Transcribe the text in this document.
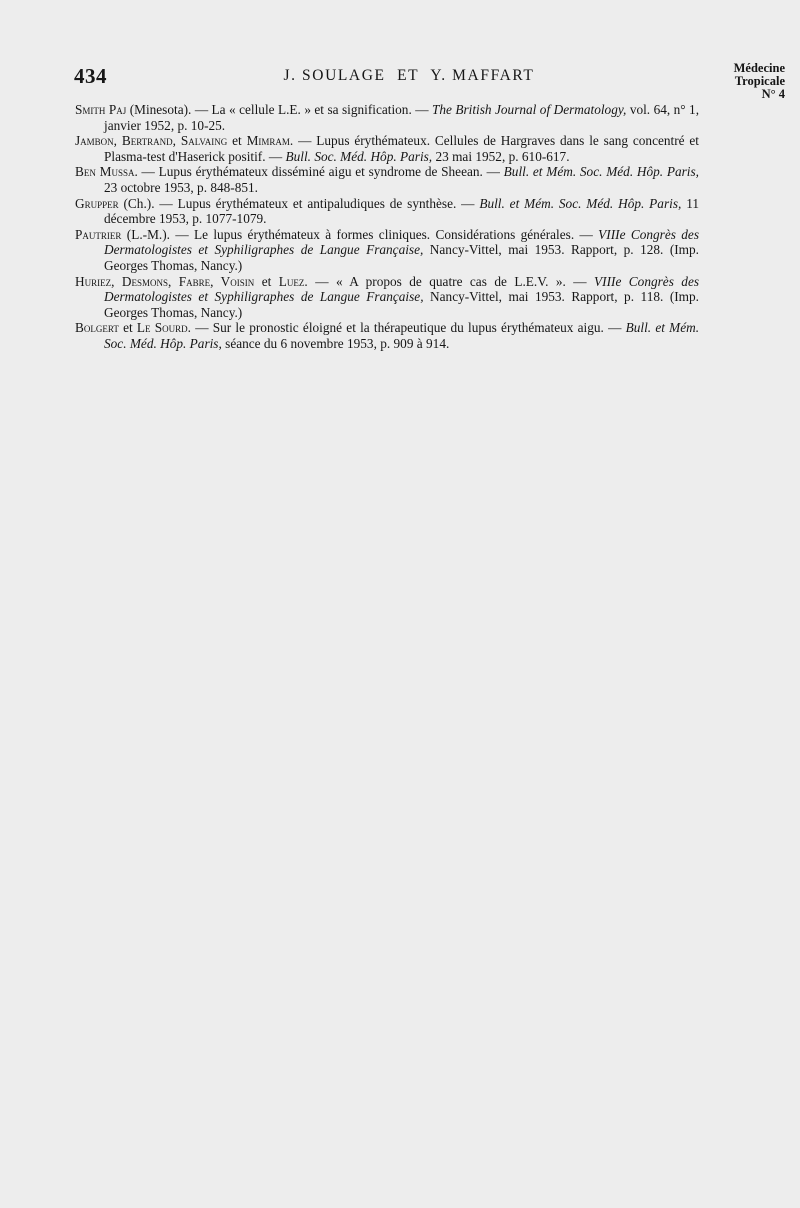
434	J. SOULAGE ET Y. MAFFART	Médecine
Tropicale
N° 4

Smith Paj (Minesota). — La « cellule L.E. » et sa signification. — The British Journal of Dermatology, vol. 64, n° 1, janvier 1952, p. 10-25.

Jambon, Bertrand, Salvaing et Mimram. — Lupus érythémateux. Cellules de Hargraves dans le sang concentré et Plasma-test d'Haserick positif. — Bull. Soc. Méd. Hôp. Paris, 23 mai 1952, p. 610-617.

Ben Mussa. — Lupus érythémateux disséminé aigu et syndrome de Sheean. — Bull. et Mém. Soc. Méd. Hôp. Paris, 23 octobre 1953, p. 848-851.

Grupper (Ch.). — Lupus érythémateux et antipaludiques de synthèse. — Bull. et Mém. Soc. Méd. Hôp. Paris, 11 décembre 1953, p. 1077-1079.

Pautrier (L.-M.). — Le lupus érythémateux à formes cliniques. Considérations générales. — VIIIe Congrès des Dermatologistes et Syphiligraphes de Langue Française, Nancy-Vittel, mai 1953. Rapport, p. 128. (Imp. Georges Thomas, Nancy.)

Huriez, Desmons, Fabre, Voisin et Luez. — « A propos de quatre cas de L.E.V. ». — VIIIe Congrès des Dermatologistes et Syphiligraphes de Langue Française, Nancy-Vittel, mai 1953. Rapport, p. 118. (Imp. Georges Thomas, Nancy.)

Bolgert et Le Sourd. — Sur le pronostic éloigné et la thérapeutique du lupus érythémateux aigu. — Bull. et Mém. Soc. Méd. Hôp. Paris, séance du 6 novembre 1953, p. 909 à 914.
